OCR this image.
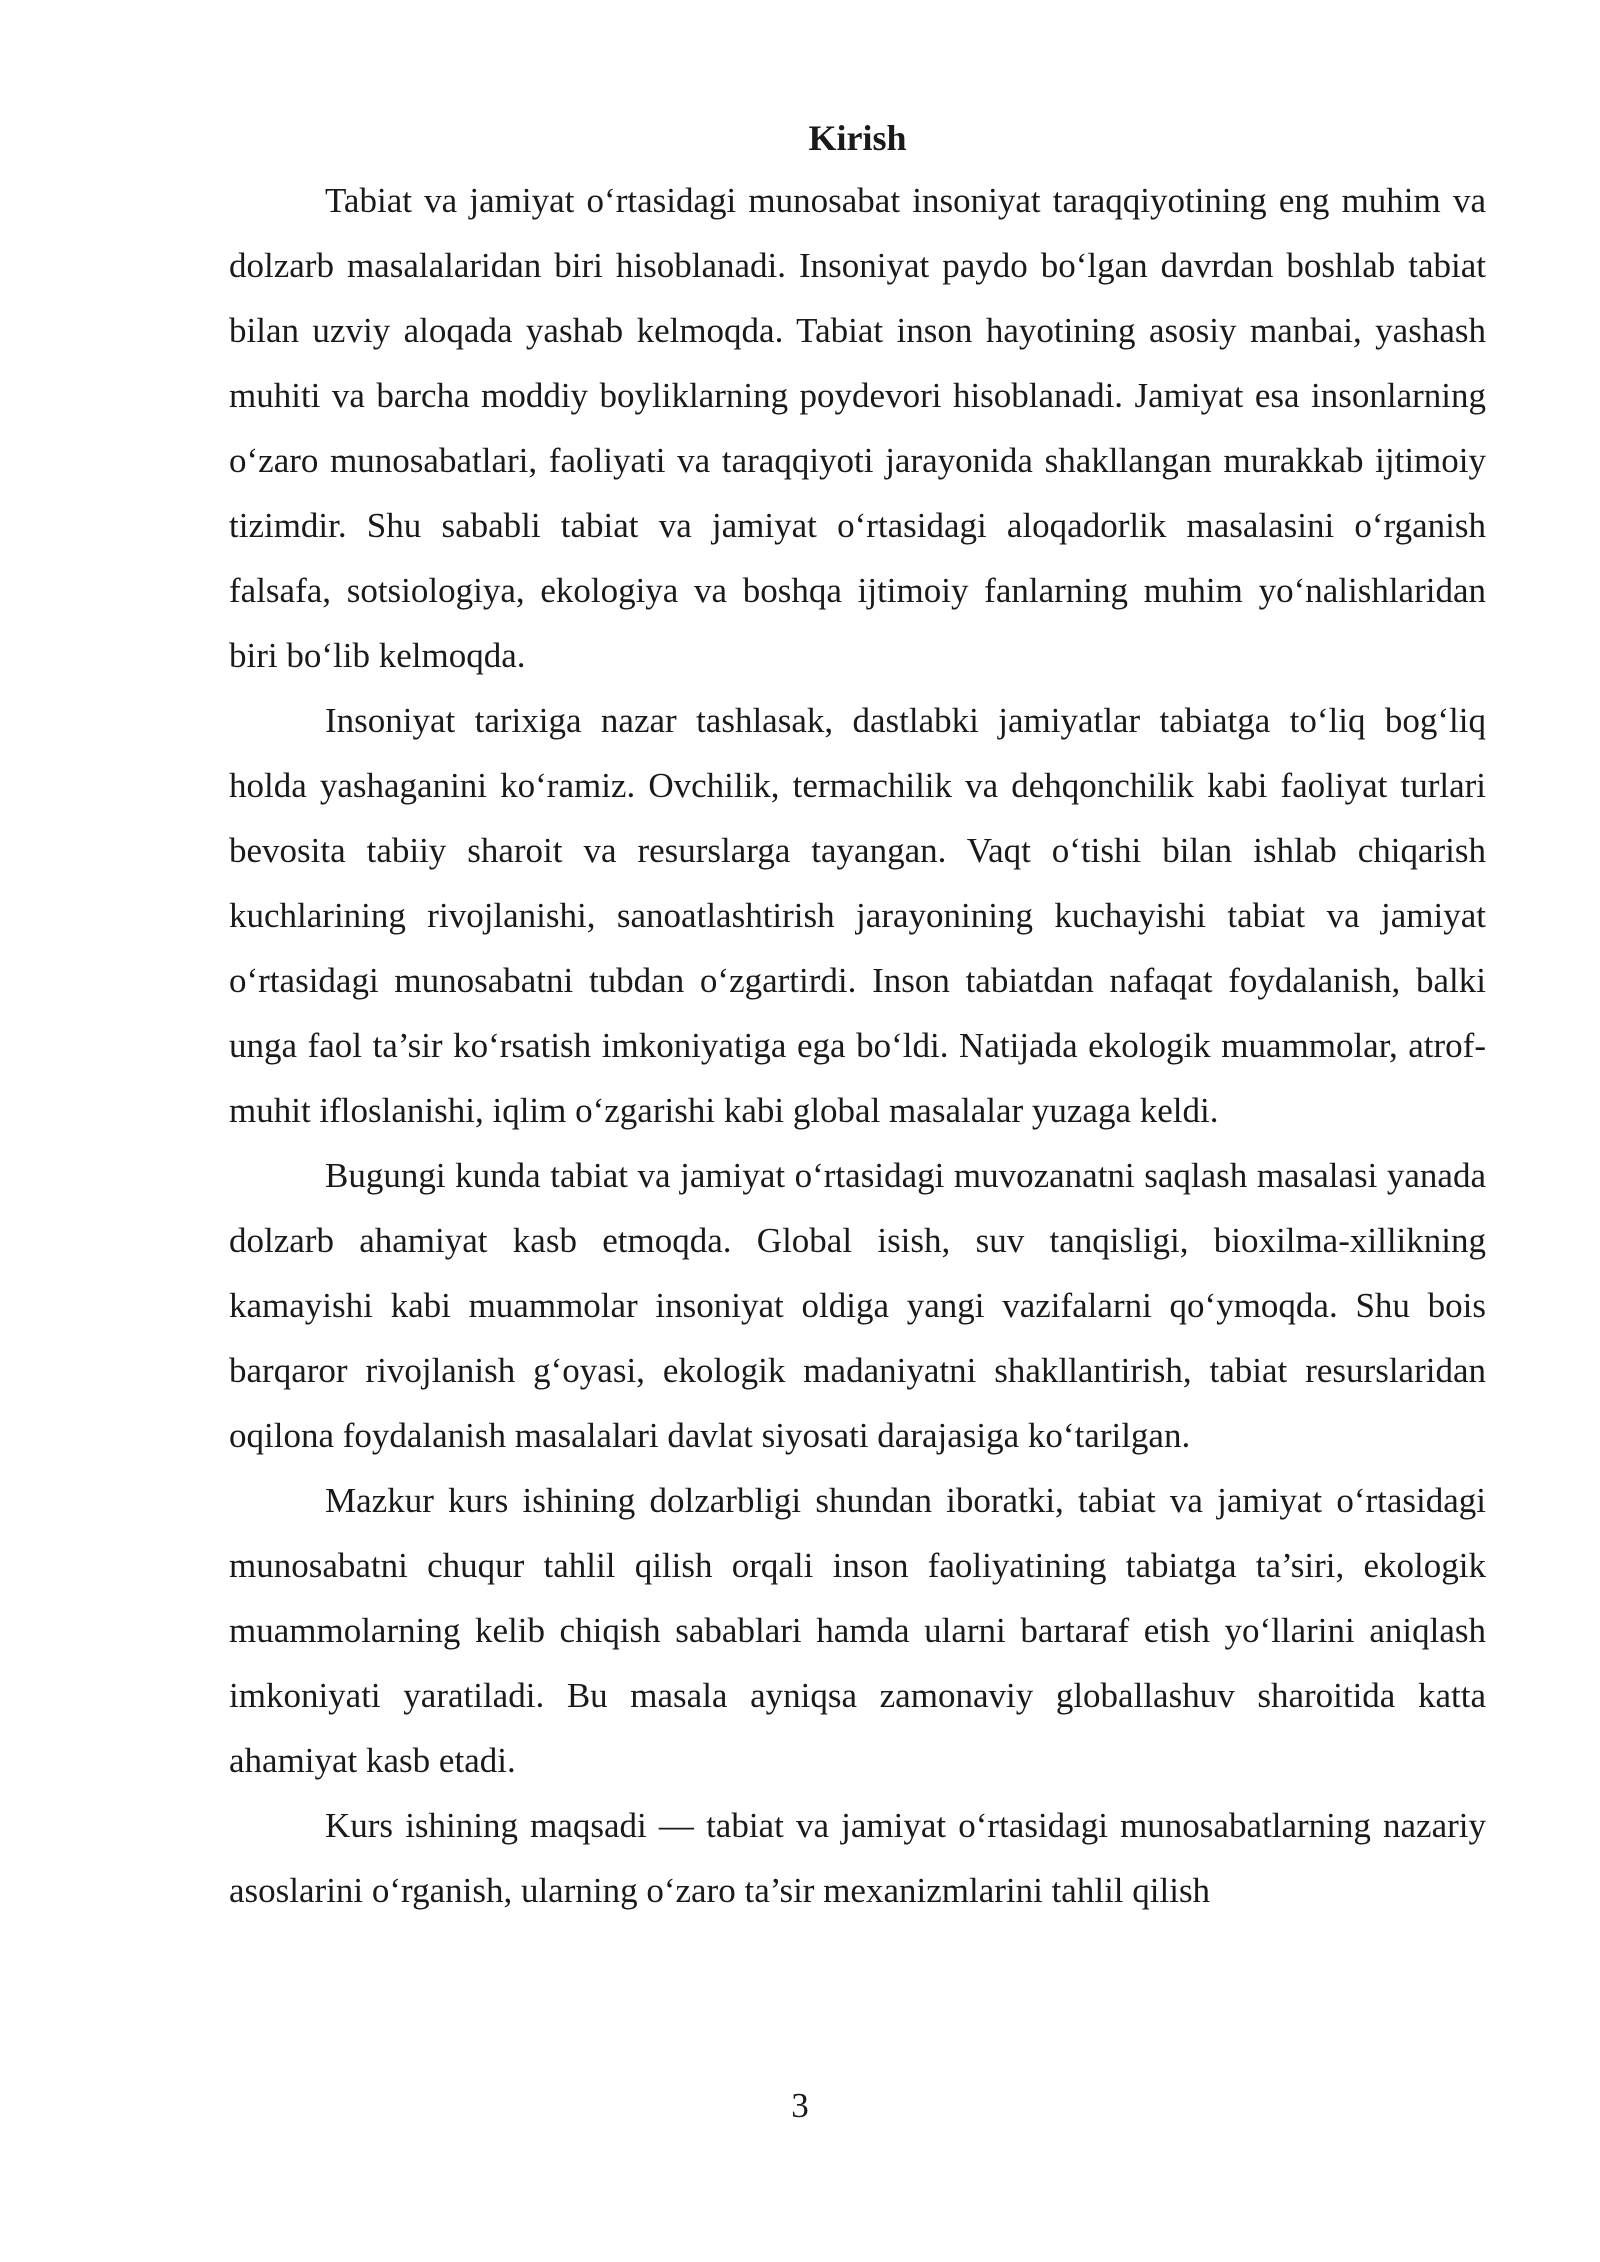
Kirish

Tabiat va jamiyat o‘rtasidagi munosabat insoniyat taraqqiyotining eng muhim va dolzarb masalalaridan biri hisoblanadi. Insoniyat paydo bo‘lgan davrdan boshlab tabiat bilan uzviy aloqada yashab kelmoqda. Tabiat inson hayotining asosiy manbai, yashash muhiti va barcha moddiy boyliklarning poydevori hisoblanadi. Jamiyat esa insonlarning o‘zaro munosabatlari, faoliyati va taraqqiyoti jarayonida shakllangan murakkab ijtimoiy tizimdir. Shu sababli tabiat va jamiyat o‘rtasidagi aloqadorlik masalasini o‘rganish falsafa, sotsiologiya, ekologiya va boshqa ijtimoiy fanlarning muhim yo‘nalishlaridan biri bo‘lib kelmoqda.

Insoniyat tarixiga nazar tashlasak, dastlabki jamiyatlar tabiatga to‘liq bog‘liq holda yashaganini ko‘ramiz. Ovchilik, termachilik va dehqonchilik kabi faoliyat turlari bevosita tabiiy sharoit va resurslarga tayangan. Vaqt o‘tishi bilan ishlab chiqarish kuchlarining rivojlanishi, sanoatlashtirish jarayonining kuchayishi tabiat va jamiyat o‘rtasidagi munosabatni tubdan o‘zgartirdi. Inson tabiatdan nafaqat foydalanish, balki unga faol ta’sir ko‘rsatish imkoniyatiga ega bo‘ldi. Natijada ekologik muammolar, atrof-muhit ifloslanishi, iqlim o‘zgarishi kabi global masalalar yuzaga keldi.

Bugungi kunda tabiat va jamiyat o‘rtasidagi muvozanatni saqlash masalasi yanada dolzarb ahamiyat kasb etmoqda. Global isish, suv tanqisligi, bioxilma-xillikning kamayishi kabi muammolar insoniyat oldiga yangi vazifalarni qo‘ymoqda. Shu bois barqaror rivojlanish g‘oyasi, ekologik madaniyatni shakllantirish, tabiat resurslaridan oqilona foydalanish masalalari davlat siyosati darajasiga ko‘tarilgan.

Mazkur kurs ishining dolzarbligi shundan iboratki, tabiat va jamiyat o‘rtasidagi munosabatni chuqur tahlil qilish orqali inson faoliyatining tabiatga ta’siri, ekologik muammolarning kelib chiqish sabablari hamda ularni bartaraf etish yo‘llarini aniqlash imkoniyati yaratiladi. Bu masala ayniqsa zamonaviy globallashuv sharoitida katta ahamiyat kasb etadi.

Kurs ishining maqsadi — tabiat va jamiyat o‘rtasidagi munosabatlarning nazariy asoslarini o‘rganish, ularning o‘zaro ta’sir mexanizmlarini tahlil qilish

3
